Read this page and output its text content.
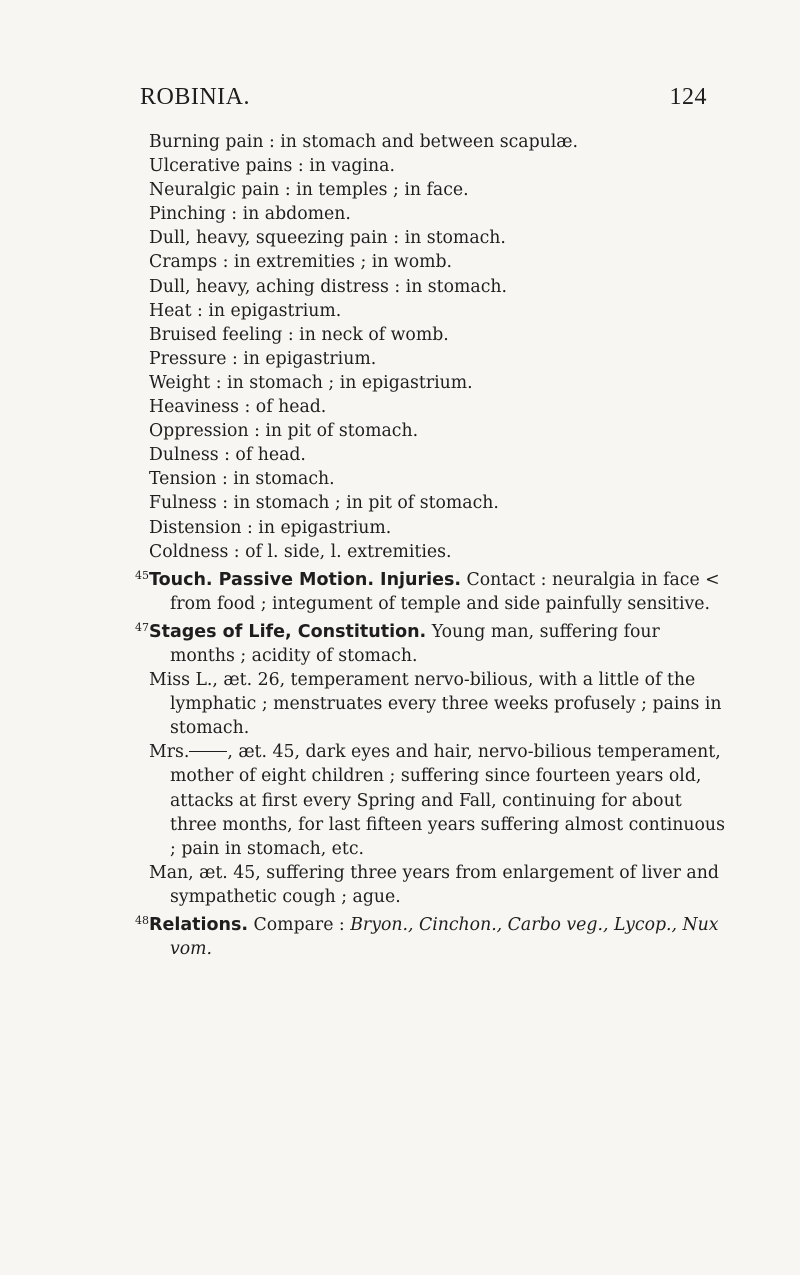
ROBINIA.	124

Burning pain : in stomach and between scapulæ.

Ulcerative pains : in vagina.

Neuralgic pain : in temples ; in face.

Pinching : in abdomen.

Dull, heavy, squeezing pain : in stomach.

Cramps : in extremities ; in womb.

Dull, heavy, aching distress : in stomach.

Heat : in epigastrium.

Bruised feeling : in neck of womb.

Pressure : in epigastrium.

Weight : in stomach ; in epigastrium.

Heaviness : of head.

Oppression : in pit of stomach.

Dulness : of head.

Tension : in stomach.

Fulness : in stomach ; in pit of stomach.

Distension : in epigastrium.

Coldness : of l. side, l. extremities.

45Touch. Passive Motion. Injuries. Contact : neuralgia in face < from food ; integument of temple and side painfully sensitive.

47Stages of Life, Constitution. Young man, suffering four months ; acidity of stomach.

Miss L., æt. 26, temperament nervo-bilious, with a little of the lymphatic ; menstruates every three weeks profusely ; pains in stomach.

Mrs. , æt. 45, dark eyes and hair, nervo-bilious temperament, mother of eight children ; suffering since fourteen years old, attacks at first every Spring and Fall, continuing for about three months, for last fifteen years suffering almost continuous ; pain in stomach, etc.

Man, æt. 45, suffering three years from enlargement of liver and sympathetic cough ; ague.

48Relations. Compare : Bryon., Cinchon., Carbo veg., Lycop., Nux vom.
